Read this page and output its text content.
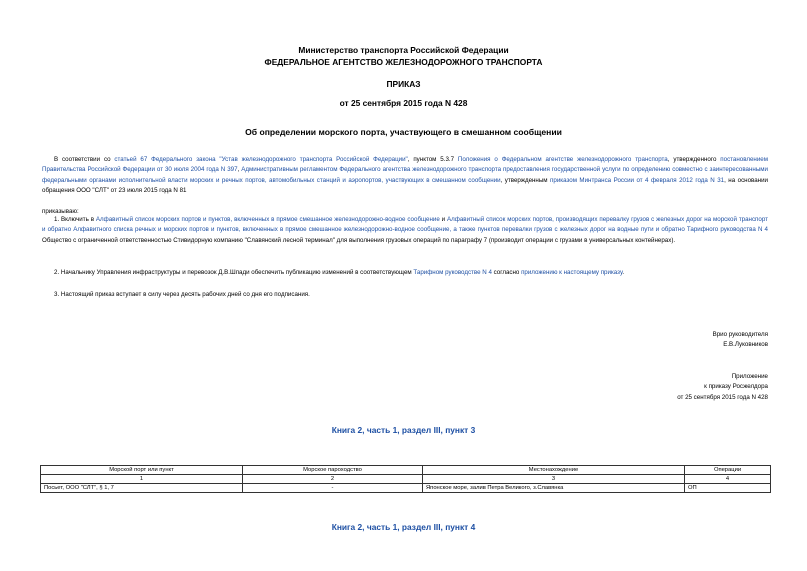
Министерство транспорта Российской Федерации
ФЕДЕРАЛЬНОЕ АГЕНТСТВО ЖЕЛЕЗНОДОРОЖНОГО ТРАНСПОРТА
ПРИКАЗ
от 25 сентября 2015 года N 428
Об определении морского порта, участвующего в смешанном сообщении
В соответствии со статьей 67 Федерального закона "Устав железнодорожного транспорта Российской Федерации", пунктом 5.3.7 Положения о Федеральном агентстве железнодорожного транспорта, утвержденного постановлением Правительства Российской Федерации от 30 июля 2004 года N 397, Административным регламентом Федерального агентства железнодорожного транспорта предоставления государственной услуги по определению совместно с заинтересованными федеральными органами исполнительной власти морских и речных портов, автомобильных станций и аэропортов, участвующих в смешанном сообщении, утвержденным приказом Минтранса России от 4 февраля 2012 года N 31, на основании обращения ООО "СЛТ" от 23 июля 2015 года N 81
приказываю:
1. Включить в Алфавитный список морских портов и пунктов, включенных в прямое смешанное железнодорожно-водное сообщение и Алфавитный список морских портов, производящих перевалку грузов с железных дорог на морской транспорт и обратно Алфавитного списка речных и морских портов и пунктов, включенных в прямое смешанное железнодорожно-водное сообщение, а также пунктов перевалки грузов с железных дорог на водные пути и обратно Тарифного руководства N 4 Общество с ограниченной ответственностью Стивидорную компанию "Славянский лесной терминал" для выполнения грузовых операций по параграфу 7 (производит операции с грузами в универсальных контейнерах).
2. Начальнику Управления инфраструктуры и перевозок Д.В.Шпади обеспечить публикацию изменений в соответствующем Тарифном руководстве N 4 согласно приложению к настоящему приказу.
3. Настоящий приказ вступает в силу через десять рабочих дней со дня его подписания.
Врио руководителя
Е.В.Луковников
Приложение
к приказу Росжелдора
от 25 сентября 2015 года N 428
Книга 2, часть 1, раздел III, пункт 3
Морской порт или пункт	Морское пароходство	Местонахождение	Операции
1	2	3	4
Посьет, ООО "СЛТ", § 1, 7	-	Японское море, залив Петра Великого, з.Славянка	ОП
Книга 2, часть 1, раздел III, пункт 4
